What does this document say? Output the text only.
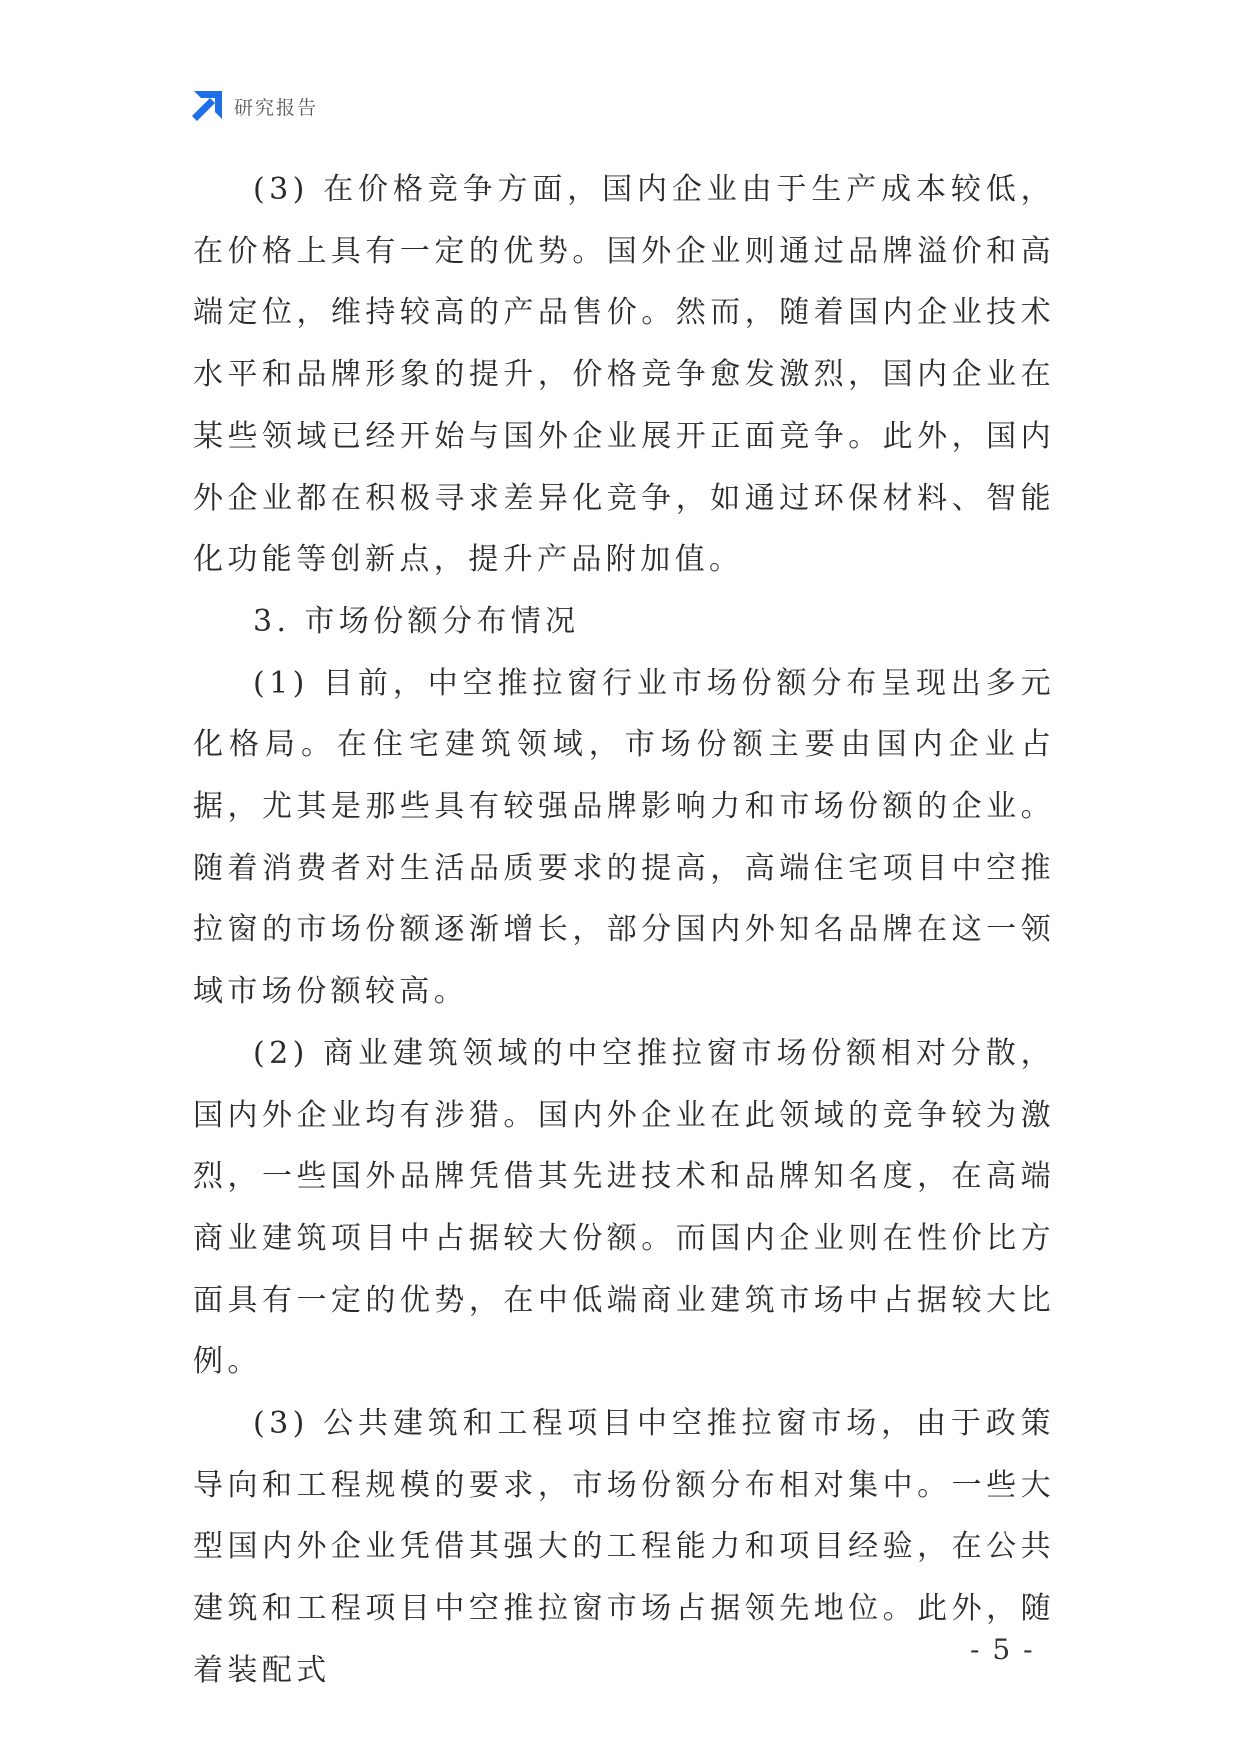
研究报告

(3) 在价格竞争方面，国内企业由于生产成本较低，在价格上具有一定的优势。国外企业则通过品牌溢价和高端定位，维持较高的产品售价。然而，随着国内企业技术水平和品牌形象的提升，价格竞争愈发激烈，国内企业在某些领域已经开始与国外企业展开正面竞争。此外，国内外企业都在积极寻求差异化竞争，如通过环保材料、智能化功能等创新点，提升产品附加值。

3. 市场份额分布情况

(1) 目前，中空推拉窗行业市场份额分布呈现出多元化格局。在住宅建筑领域，市场份额主要由国内企业占据，尤其是那些具有较强品牌影响力和市场份额的企业。随着消费者对生活品质要求的提高，高端住宅项目中空推拉窗的市场份额逐渐增长，部分国内外知名品牌在这一领域市场份额较高。

(2) 商业建筑领域的中空推拉窗市场份额相对分散，国内外企业均有涉猎。国内外企业在此领域的竞争较为激烈，一些国外品牌凭借其先进技术和品牌知名度，在高端商业建筑项目中占据较大份额。而国内企业则在性价比方面具有一定的优势，在中低端商业建筑市场中占据较大比例。

(3) 公共建筑和工程项目中空推拉窗市场，由于政策导向和工程规模的要求，市场份额分布相对集中。一些大型国内外企业凭借其强大的工程能力和项目经验，在公共建筑和工程项目中空推拉窗市场占据领先地位。此外，随着装配式

- 5 -
